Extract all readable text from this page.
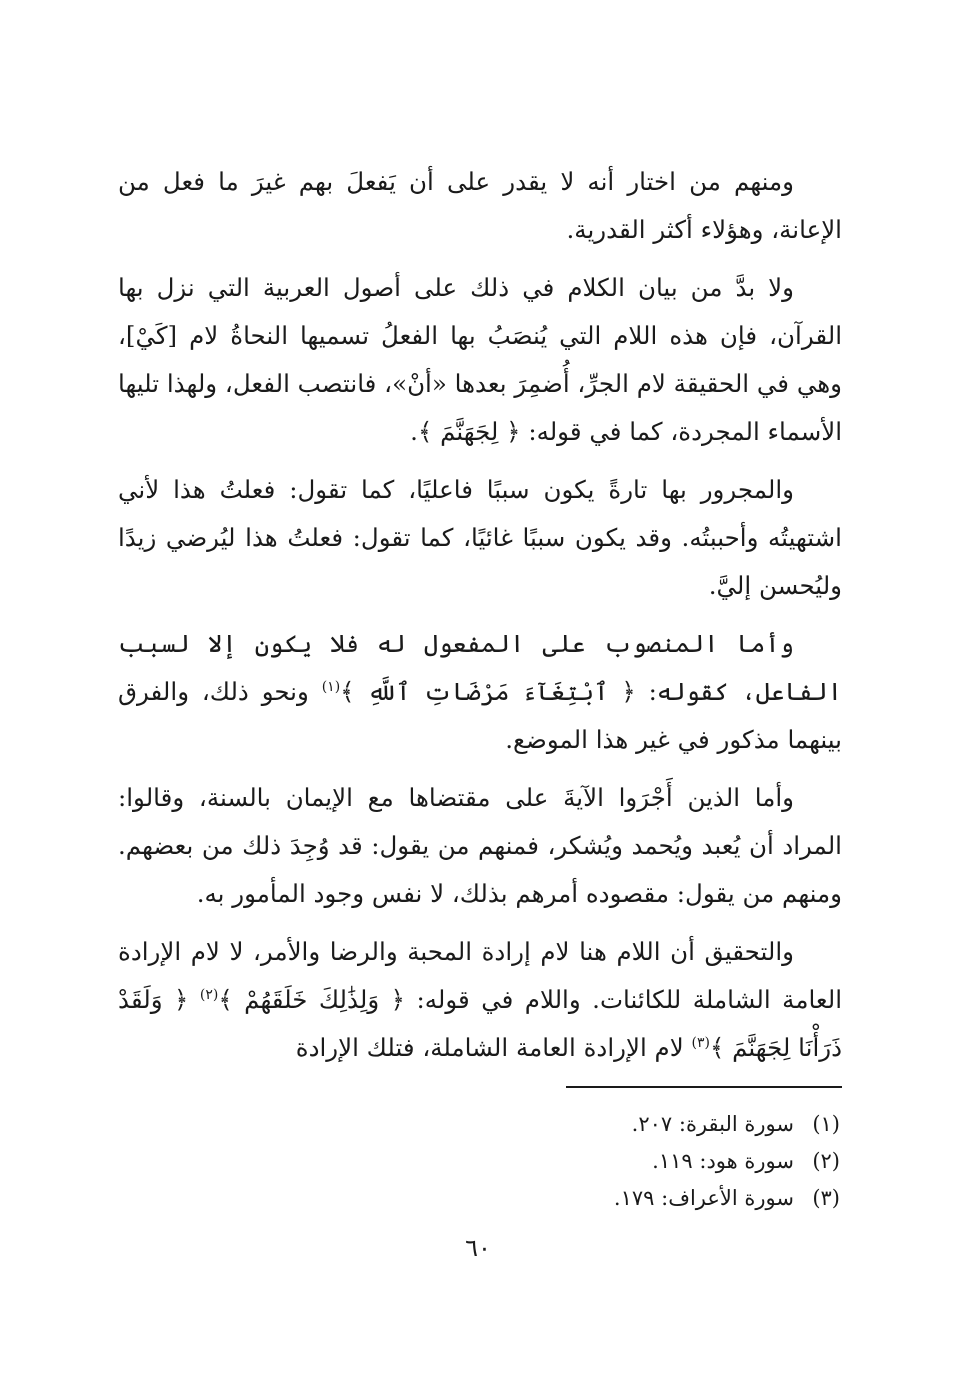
ومنهم من اختار أنه لا يقدر على أن يَفعلَ بهم غيرَ ما فعل من الإعانة، وهؤلاء أكثر القدرية.

ولا بدَّ من بيان الكلام في ذلك على أصول العربية التي نزل بها القرآن، فإن هذه اللام التي يُنصَبُ بها الفعلُ تسميها النحاةُ لام [كَيْ]، وهي في الحقيقة لام الجرِّ، أُضمِرَ بعدها «أنْ»، فانتصب الفعل، ولهذا تليها الأسماء المجردة، كما في قوله: ﴿ لِجَهَنَّمَ ﴾.

والمجرور بها تارةً يكون سببًا فاعليًا، كما تقول: فعلتُ هذا لأني اشتهيتُه وأحببتُه. وقد يكون سببًا غائيًا، كما تقول: فعلتُ هذا ليُرضي زيدًا وليُحسن إليَّ.

وأما المنصوب على المفعول له فلا يكون إلا لسبب الفاعل، كقوله: ﴿ ٱبْتِغَآءَ مَرْضَاتِ ٱللَّهِ ﴾$^{(١)}$ ونحو ذلك، والفرق بينهما مذكور في غير هذا الموضع.

وأما الذين أَجْرَوا الآيةَ على مقتضاها مع الإيمان بالسنة، وقالوا: المراد أن يُعبد ويُحمد ويُشكر، فمنهم من يقول: قد وُجِدَ ذلك من بعضهم. ومنهم من يقول: مقصوده أمرهم بذلك، لا نفس وجود المأمور به.

والتحقيق أن اللام هنا لام إرادة المحبة والرضا والأمر، لا لام الإرادة العامة الشاملة للكائنات. واللام في قوله: ﴿ وَلِذَٰلِكَ خَلَقَهُمْ ﴾$^{(٢)}$ ﴿ وَلَقَدْ ذَرَأْنَا لِجَهَنَّمَ ﴾$^{(٣)}$ لام الإرادة العامة الشاملة، فتلك الإرادة

(١)سورة البقرة: ٢٠٧.
(٢)سورة هود: ١١٩.
(٣)سورة الأعراف: ١٧٩.
٦٠
